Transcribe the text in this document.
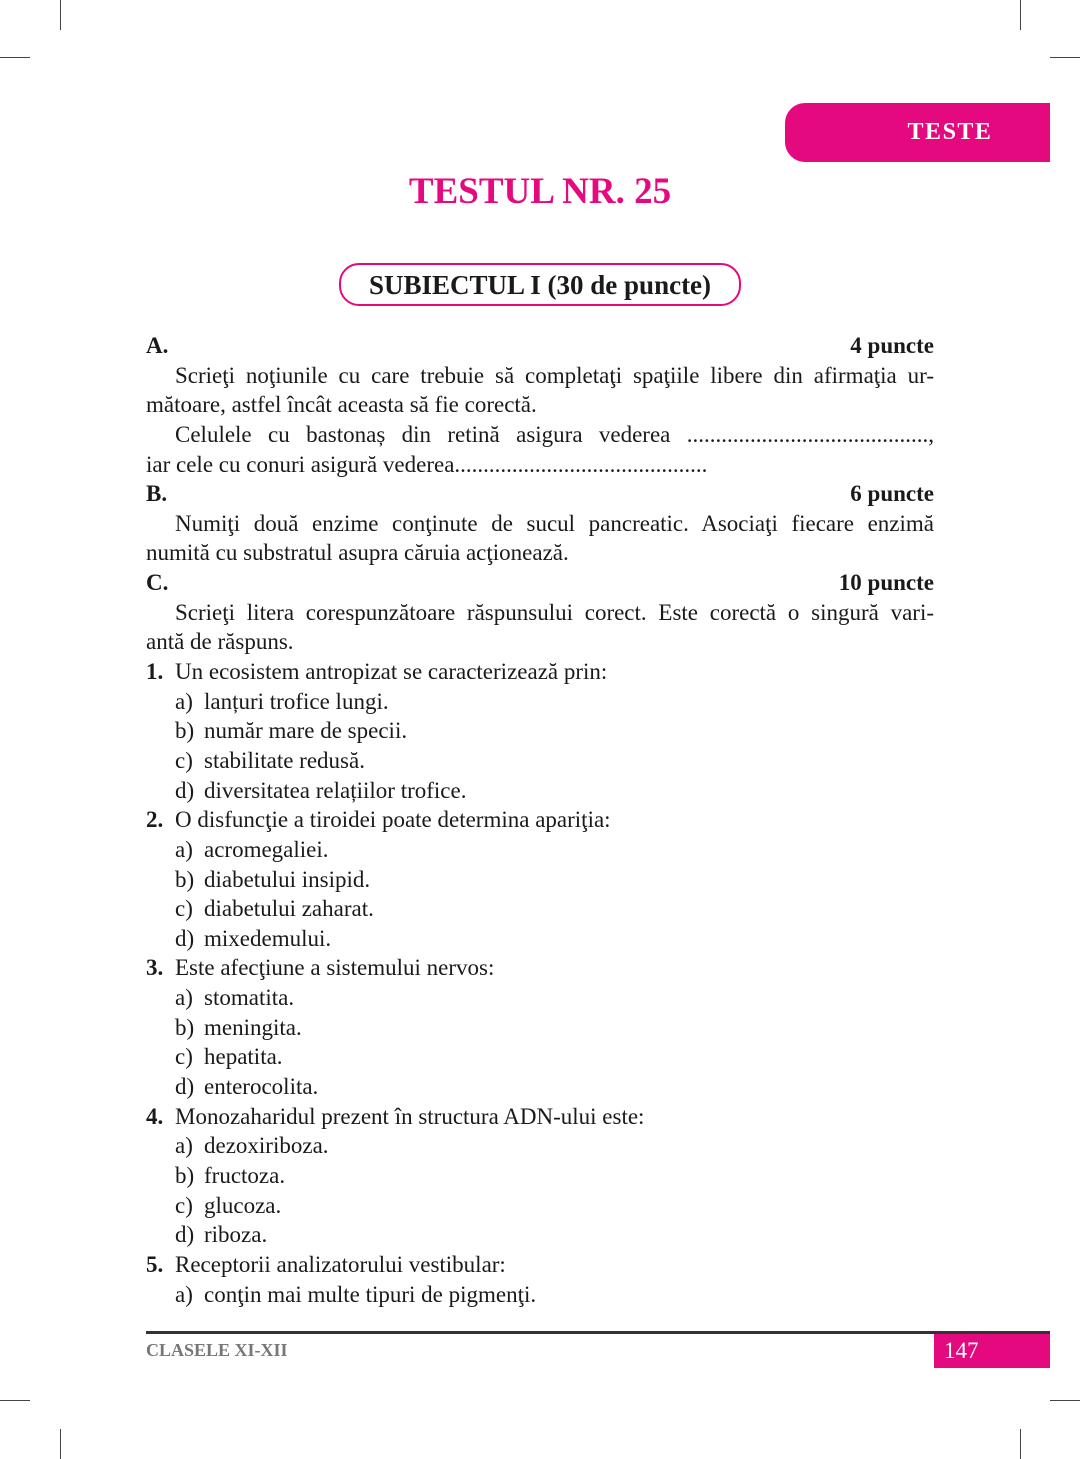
TESTE
TESTUL NR. 25
SUBIECTUL I (30 de puncte)
A.	4 puncte
Scrieţi noţiunile cu care trebuie să completaţi spaţiile libere din afirmaţia ur-
mătoare, astfel încât aceasta să fie corectă.
Celulele cu bastonaș din retină asigura vederea ..........................................,
iar cele cu conuri asigură vederea............................................
B.	6 puncte
Numiţi două enzime conţinute de sucul pancreatic. Asociaţi fiecare enzimă
numită cu substratul asupra căruia acţionează.
C.	10 puncte
Scrieţi litera corespunzătoare răspunsului corect. Este corectă o singură vari-
antă de răspuns.
1. Un ecosistem antropizat se caracterizează prin:
a) lanțuri trofice lungi.
b) număr mare de specii.
c) stabilitate redusă.
d) diversitatea relațiilor trofice.
2. O disfuncţie a tiroidei poate determina apariţia:
a) acromegaliei.
b) diabetului insipid.
c) diabetului zaharat.
d) mixedemului.
3. Este afecţiune a sistemului nervos:
a) stomatita.
b) meningita.
c) hepatita.
d) enterocolita.
4. Monozaharidul prezent în structura ADN-ului este:
a) dezoxiriboza.
b) fructoza.
c) glucoza.
d) riboza.
5. Receptorii analizatorului vestibular:
a) conţin mai multe tipuri de pigmenţi.
CLASELE XI-XII	147
